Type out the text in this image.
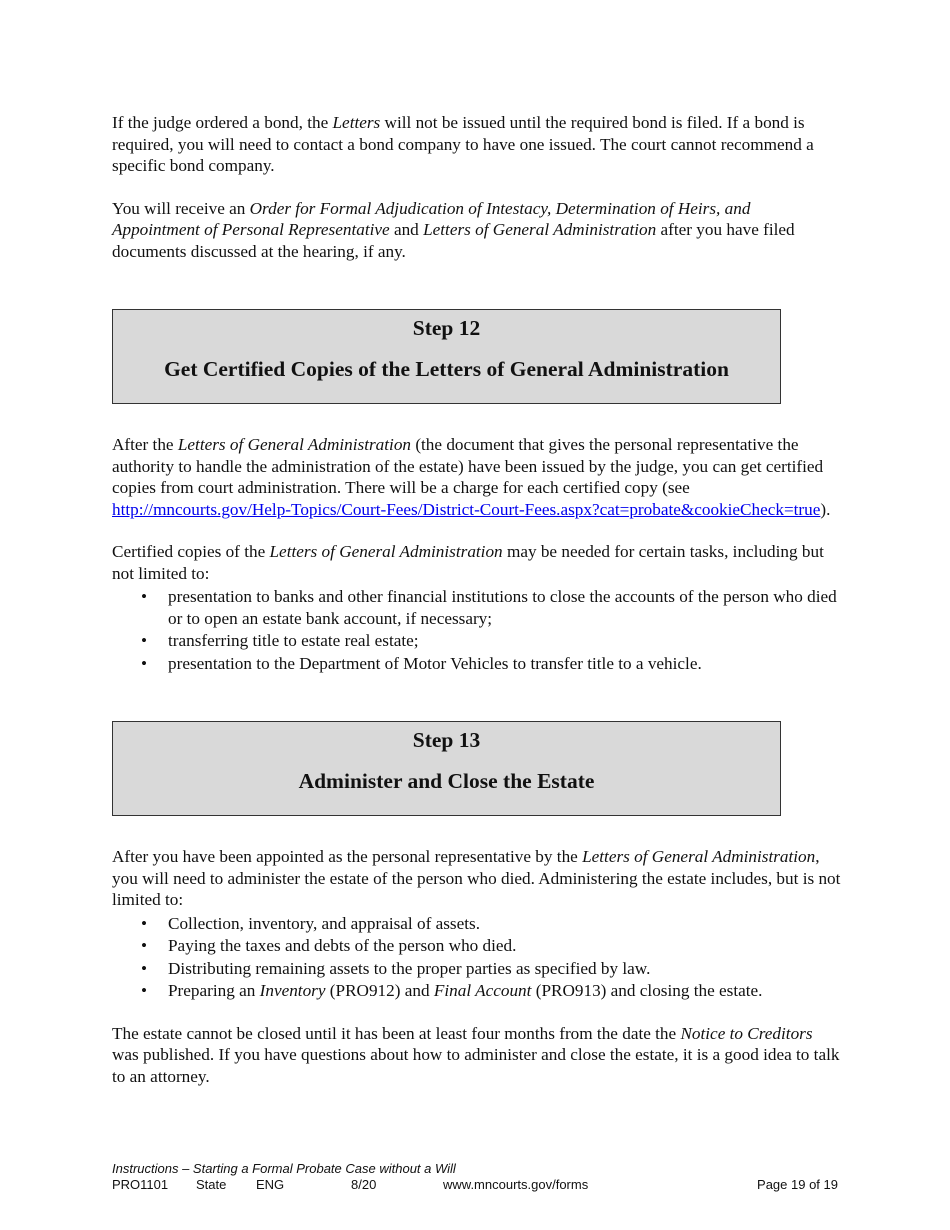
If the judge ordered a bond, the Letters will not be issued until the required bond is filed. If a bond is required, you will need to contact a bond company to have one issued. The court cannot recommend a specific bond company.

You will receive an Order for Formal Adjudication of Intestacy, Determination of Heirs, and Appointment of Personal Representative and Letters of General Administration after you have filed documents discussed at the hearing, if any.

Step 12
Get Certified Copies of the Letters of General Administration

After the Letters of General Administration (the document that gives the personal representative the authority to handle the administration of the estate) have been issued by the judge, you can get certified copies from court administration. There will be a charge for each certified copy (see
http://mncourts.gov/Help-Topics/Court-Fees/District-Court-Fees.aspx?cat=probate&cookieCheck=true).

Certified copies of the Letters of General Administration may be needed for certain tasks, including but not limited to:

• presentation to banks and other financial institutions to close the accounts of the person who died or to open an estate bank account, if necessary;
• transferring title to estate real estate;
• presentation to the Department of Motor Vehicles to transfer title to a vehicle.
Step 13
Administer and Close the Estate

After you have been appointed as the personal representative by the Letters of General Administration, you will need to administer the estate of the person who died. Administering the estate includes, but is not limited to:

• Collection, inventory, and appraisal of assets.
• Paying the taxes and debts of the person who died.
• Distributing remaining assets to the proper parties as specified by law.
• Preparing an Inventory (PRO912) and Final Account (PRO913) and closing the estate.

The estate cannot be closed until it has been at least four months from the date the Notice to Creditors was published. If you have questions about how to administer and close the estate, it is a good idea to talk to an attorney.

Instructions – Starting a Formal Probate Case without a Will
PRO1101 State ENG	8/20	www.mncourts.gov/forms	Page 19 of 19
